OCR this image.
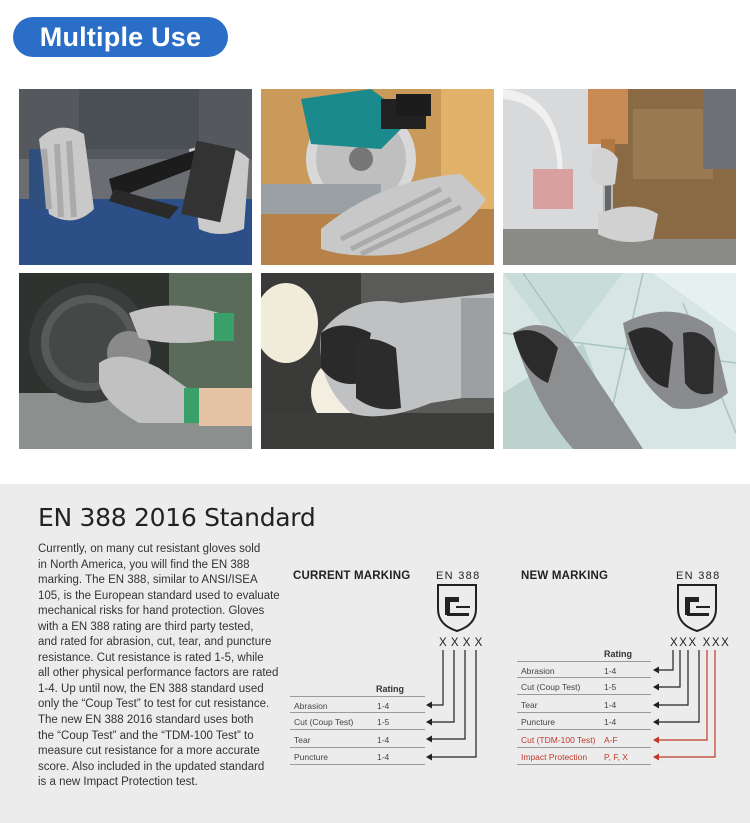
Multiple Use
EN 388 2016 Standard
Currently, on many cut resistant gloves sold
in North America, you will find the EN 388
marking. The EN 388, similar to ANSI/ISEA
105, is the European standard used to evaluate
mechanical risks for hand protection. Gloves
with a EN 388 rating are third party tested,
and rated for abrasion, cut, tear, and puncture
resistance. Cut resistance is rated 1-5, while
all other physical performance factors are rated
1-4. Up until now, the EN 388 standard used
only the “Coup Test” to test for cut resistance.
The new EN 388 2016 standard uses both
the “Coup Test” and the “TDM-100 Test” to
measure cut resistance for a more accurate
score. Also included in the updated standard
is a new Impact Protection test.
CURRENT MARKING EN 388
XXXX
Rating
Abrasion	1-4
Cut (Coup Test)	1-5
Tear	1-4
Puncture	1-4
NEW MARKING	EN 388
XXX XXX
Rating
Abrasion	1-4
Cut (Coup Test)	1-5
Tear	1-4
Puncture	1-4
Cut (TDM-100 Test) A-F
Impact Protection P, F, X
